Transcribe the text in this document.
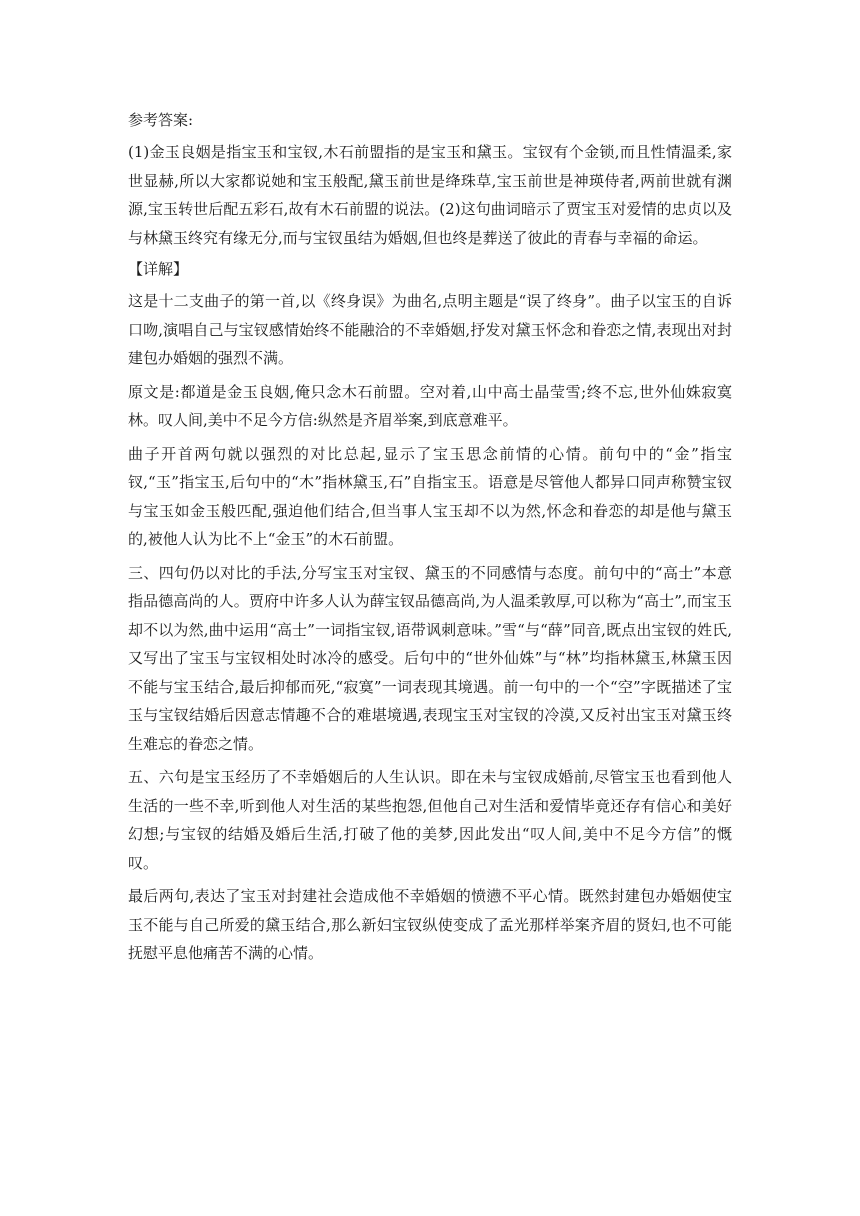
参考答案:
(1)金玉良姻是指宝玉和宝钗,木石前盟指的是宝玉和黛玉。宝钗有个金锁,而且性情温柔,家世显赫,所以大家都说她和宝玉般配,黛玉前世是绛珠草,宝玉前世是神瑛侍者,两前世就有渊源,宝玉转世后配五彩石,故有木石前盟的说法。(2)这句曲词暗示了贾宝玉对爱情的忠贞以及与林黛玉终究有缘无分,而与宝钗虽结为婚姻,但也终是葬送了彼此的青春与幸福的命运。
【详解】
这是十二支曲子的第一首,以《终身误》为曲名,点明主题是“误了终身”。曲子以宝玉的自诉口吻,演唱自己与宝钗感情始终不能融洽的不幸婚姻,抒发对黛玉怀念和眷恋之情,表现出对封建包办婚姻的强烈不满。
原文是:都道是金玉良姻,俺只念木石前盟。空对着,山中高士晶莹雪;终不忘,世外仙姝寂寞林。叹人间,美中不足今方信:纵然是齐眉举案,到底意难平。
曲子开首两句就以强烈的对比总起,显示了宝玉思念前情的心情。前句中的“金”指宝钗,“玉”指宝玉,后句中的“木”指林黛玉,石”自指宝玉。语意是尽管他人都异口同声称赞宝钗与宝玉如金玉般匹配,强迫他们结合,但当事人宝玉却不以为然,怀念和眷恋的却是他与黛玉的,被他人认为比不上“金玉”的木石前盟。
三、四句仍以对比的手法,分写宝玉对宝钗、黛玉的不同感情与态度。前句中的“高士”本意指品德高尚的人。贾府中许多人认为薛宝钗品德高尚,为人温柔敦厚,可以称为“高士”,而宝玉却不以为然,曲中运用“高士”一词指宝钗,语带讽刺意味。”雪“与“薛”同音,既点出宝钗的姓氏,又写出了宝玉与宝钗相处时冰冷的感受。后句中的“世外仙姝”与“林”均指林黛玉,林黛玉因不能与宝玉结合,最后抑郁而死,“寂寞”一词表现其境遇。前一句中的一个“空”字既描述了宝玉与宝钗结婚后因意志情趣不合的难堪境遇,表现宝玉对宝钗的冷漠,又反衬出宝玉对黛玉终生难忘的眷恋之情。
五、六句是宝玉经历了不幸婚姻后的人生认识。即在未与宝钗成婚前,尽管宝玉也看到他人生活的一些不幸,听到他人对生活的某些抱怨,但他自己对生活和爱情毕竟还存有信心和美好幻想;与宝钗的结婚及婚后生活,打破了他的美梦,因此发出“叹人间,美中不足今方信”的慨叹。
最后两句,表达了宝玉对封建社会造成他不幸婚姻的愤懑不平心情。既然封建包办婚姻使宝玉不能与自己所爱的黛玉结合,那么新妇宝钗纵使变成了孟光那样举案齐眉的贤妇,也不可能抚慰平息他痛苦不满的心情。
